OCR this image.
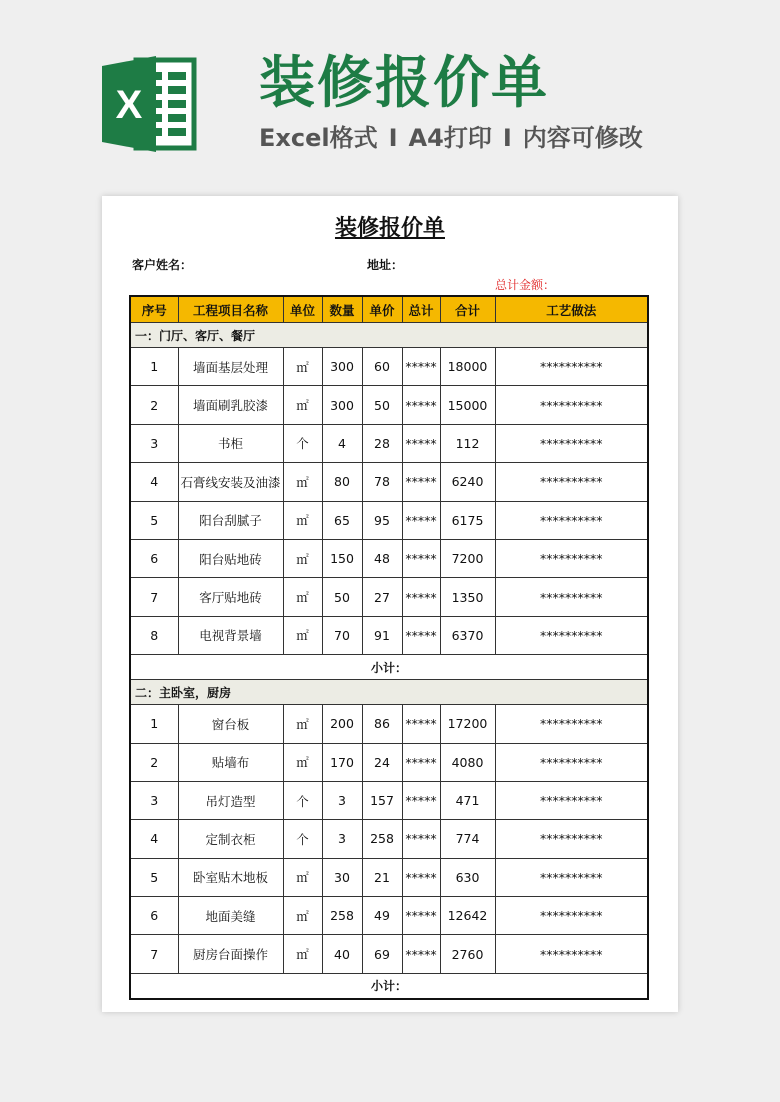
X 装修报价单
Excel格式 I A4打印 I 内容可修改
装修报价单
客户姓名：	地址：
总计金额：
序号	工程项目名称	单位	数量	单价	总计	合计	工艺做法
一：门厅、客厅、餐厅							
1	墙面基层处理	㎡	300	60	*****	18000	**********
2	墙面刷乳胶漆	㎡	300	50	*****	15000	**********
3	书柜	个	4	28	*****	112	**********
4	石膏线安装及油漆	㎡	80	78	*****	6240	**********
5	阳台刮腻子	㎡	65	95	*****	6175	**********
6	阳台贴地砖	㎡	150	48	*****	7200	**********
7	客厅贴地砖	㎡	50	27	*****	1350	**********
8	电视背景墙	㎡	70	91	*****	6370	**********
小计：							
二：主卧室，厨房							
1	窗台板	㎡	200	86	*****	17200	**********
2	贴墙布	㎡	170	24	*****	4080	**********
3	吊灯造型	个	3	157	*****	471	**********
4	定制衣柜	个	3	258	*****	774	**********
5	卧室贴木地板	㎡	30	21	*****	630	**********
6	地面美缝	㎡	258	49	*****	12642	**********
7	厨房台面操作	㎡	40	69	*****	2760	**********
小计：							
